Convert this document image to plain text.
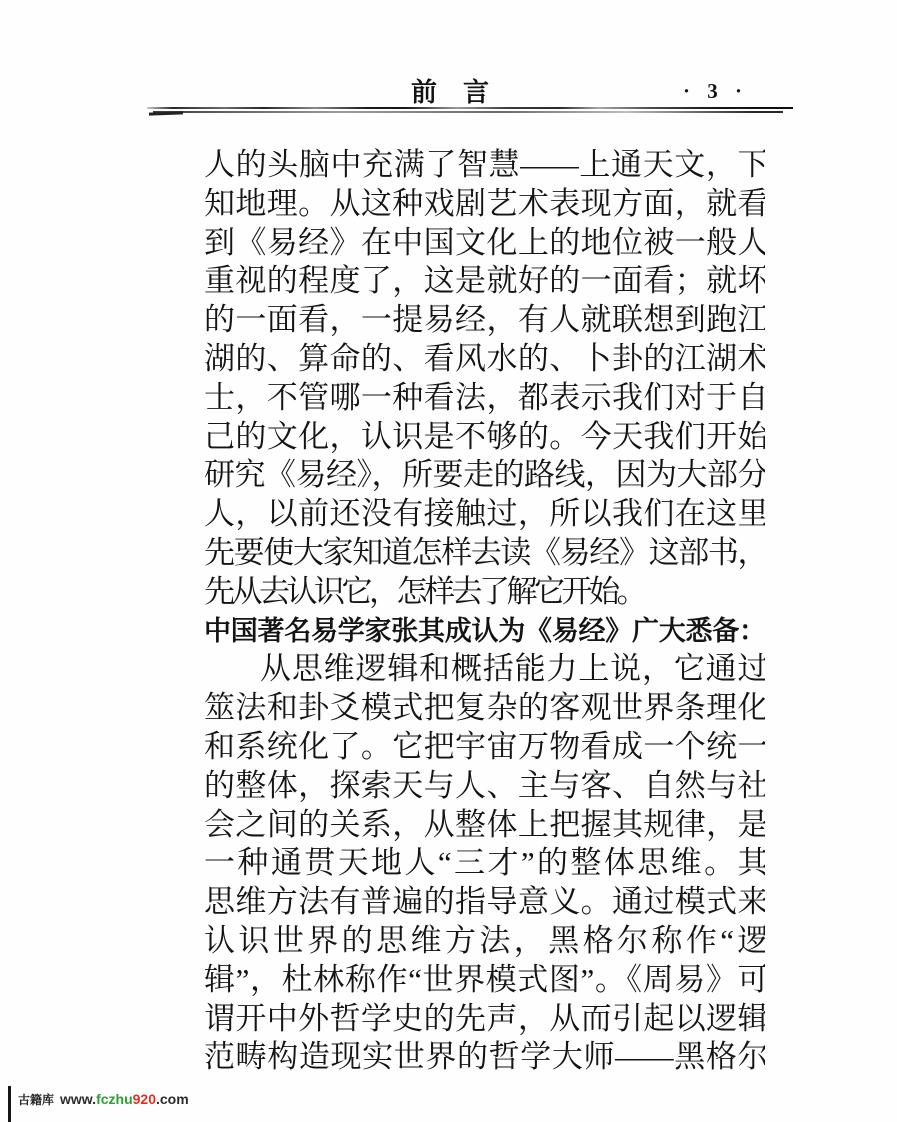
前　言	· 3 ·
人的头脑中充满了智慧——上通天文，下
知地理。从这种戏剧艺术表现方面，就看
到《易经》在中国文化上的地位被一般人
重视的程度了，这是就好的一面看；就坏
的一面看，一提易经，有人就联想到跑江
湖的、算命的、看风水的、卜卦的江湖术
士，不管哪一种看法，都表示我们对于自
己的文化，认识是不够的。今天我们开始
研究《易经》，所要走的路线，因为大部分
人，以前还没有接触过，所以我们在这里
先要使大家知道怎样去读《易经》这部书，
先从去认识它，怎样去了解它开始。
中国著名易学家张其成认为《易经》广大悉备：
从思维逻辑和概括能力上说，它通过
筮法和卦爻模式把复杂的客观世界条理化
和系统化了。它把宇宙万物看成一个统一
的整体，探索天与人、主与客、自然与社
会之间的关系，从整体上把握其规律，是
一种通贯天地人“三才”的整体思维。其
思维方法有普遍的指导意义。通过模式来
认识世界的思维方法，黑格尔称作“逻
辑”，杜林称作“世界模式图”。《周易》可
谓开中外哲学史的先声，从而引起以逻辑
范畴构造现实世界的哲学大师——黑格尔
古籍库 www.fczhu920.com
